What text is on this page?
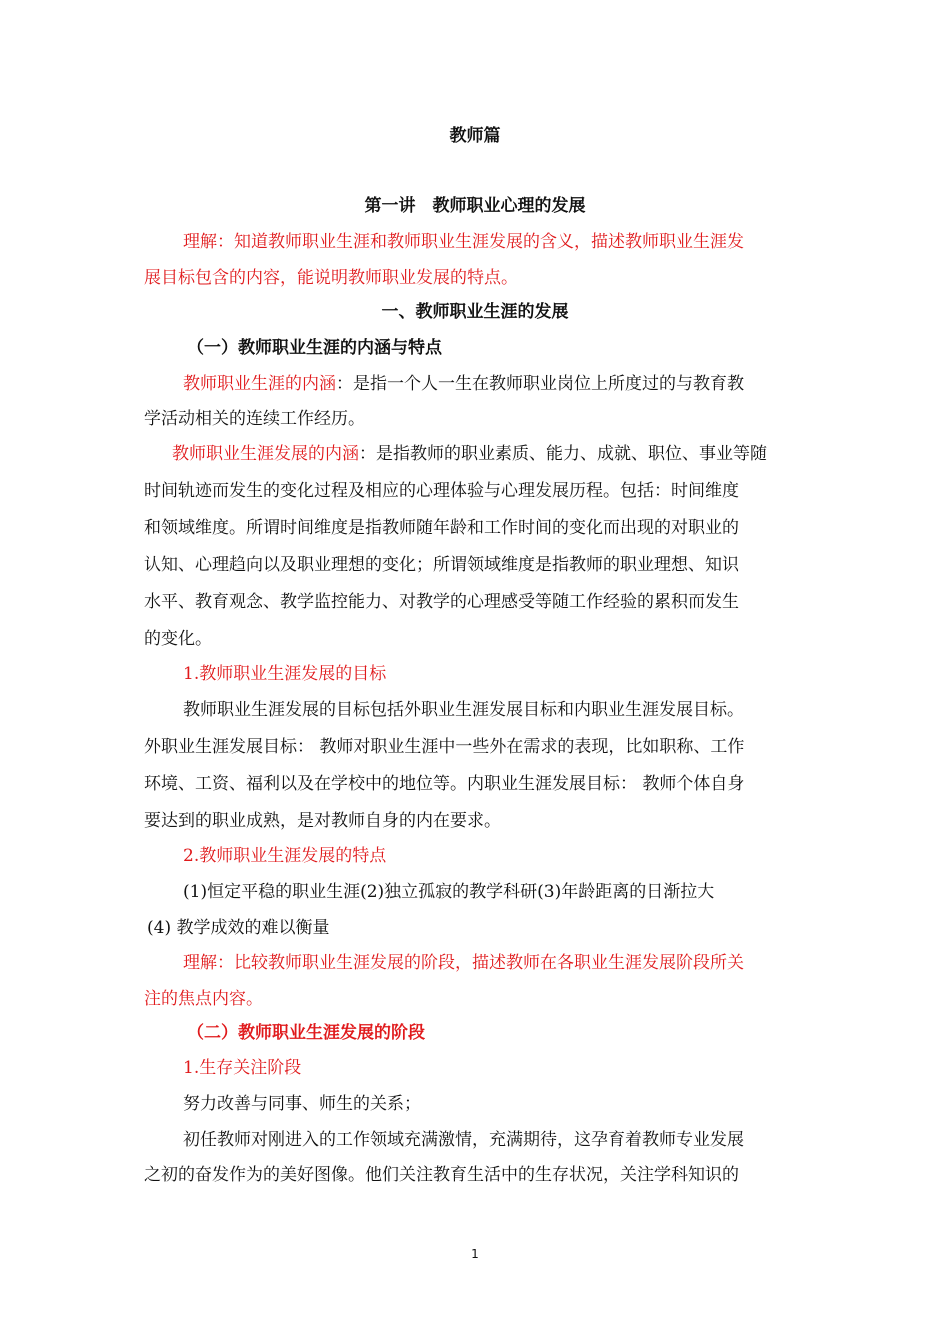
教师篇
第一讲　教师职业心理的发展

理解：知道教师职业生涯和教师职业生涯发展的含义，描述教师职业生涯发

展目标包含的内容，能说明教师职业发展的特点。

一、教师职业生涯的发展

（一）教师职业生涯的内涵与特点

教师职业生涯的内涵：是指一个人一生在教师职业岗位上所度过的与教育教

学活动相关的连续工作经历。

教师职业生涯发展的内涵：是指教师的职业素质、能力、成就、职位、事业等随

时间轨迹而发生的变化过程及相应的心理体验与心理发展历程。包括：时间维度

和领域维度。所谓时间维度是指教师随年龄和工作时间的变化而出现的对职业的

认知、心理趋向以及职业理想的变化；所谓领域维度是指教师的职业理想、知识

水平、教育观念、教学监控能力、对教学的心理感受等随工作经验的累积而发生

的变化。

1.教师职业生涯发展的目标

教师职业生涯发展的目标包括外职业生涯发展目标和内职业生涯发展目标。

外职业生涯发展目标： 教师对职业生涯中一些外在需求的表现，比如职称、工作

环境、工资、福利以及在学校中的地位等。内职业生涯发展目标： 教师个体自身

要达到的职业成熟，是对教师自身的内在要求。

2.教师职业生涯发展的特点

(1)恒定平稳的职业生涯(2)独立孤寂的教学科研(3)年龄距离的日渐拉大

(4) 教学成效的难以衡量

理解：比较教师职业生涯发展的阶段，描述教师在各职业生涯发展阶段所关

注的焦点内容。

（二）教师职业生涯发展的阶段

1.生存关注阶段

努力改善与同事、师生的关系；

初任教师对刚进入的工作领域充满激情，充满期待，这孕育着教师专业发展

之初的奋发作为的美好图像。他们关注教育生活中的生存状况，关注学科知识的

1
